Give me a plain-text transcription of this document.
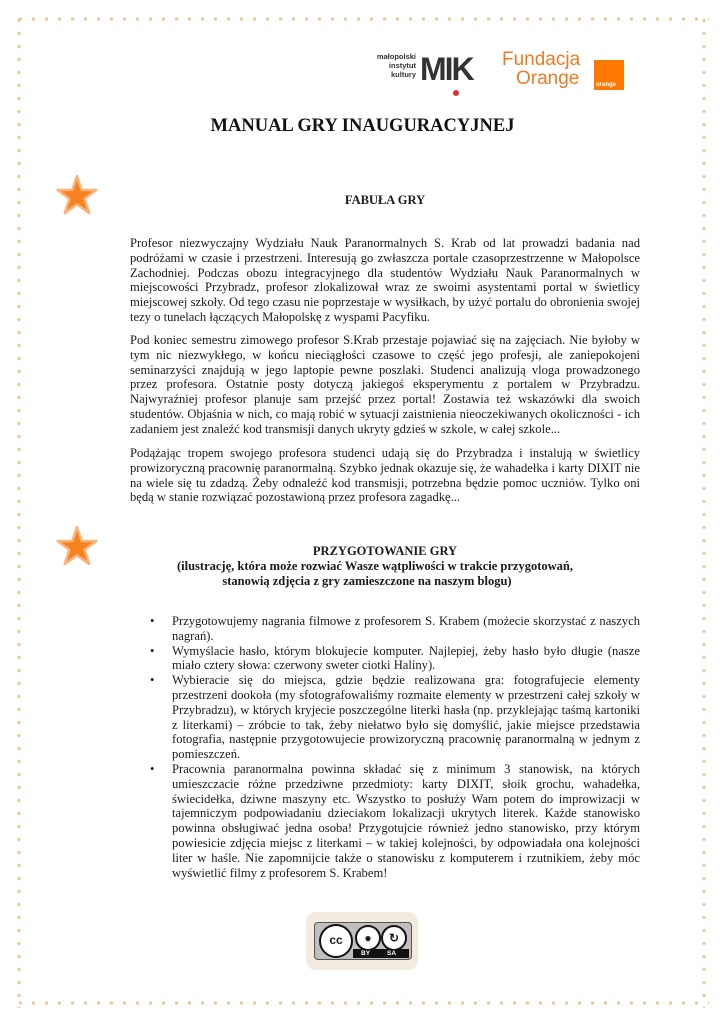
małopolski
instytut
kultury MIK Fundacja
Orange	orange
MANUAL GRY INAUGURACYJNEJ
FABUŁA GRY

Profesor niezwyczajny Wydziału Nauk Paranormalnych S. Krab od lat prowadzi badania nad podróżami w czasie i przestrzeni. Interesują go zwłaszcza portale czasoprzestrzenne w Małopolsce Zachodniej. Podczas obozu integracyjnego dla studentów Wydziału Nauk Paranormalnych w miejscowości Przybradz, profesor zlokalizował wraz ze swoimi asystentami portal w świetlicy miejscowej szkoły. Od tego czasu nie poprzestaje w wysiłkach, by użyć portalu do obronienia swojej tezy o tunelach łączących Małopolskę z wyspami Pacyfiku.

Pod koniec semestru zimowego profesor S.Krab przestaje pojawiać się na zajęciach. Nie byłoby w tym nic niezwykłego, w końcu nieciągłości czasowe to część jego profesji, ale zaniepokojeni seminarzyści znajdują w jego laptopie pewne poszlaki. Studenci analizują vloga prowadzonego przez profesora. Ostatnie posty dotyczą jakiegoś eksperymentu z portalem w Przybradzu. Najwyraźniej profesor planuje sam przejść przez portal! Zostawia też wskazówki dla swoich studentów. Objaśnia w nich, co mają robić w sytuacji zaistnienia nieoczekiwanych okoliczności - ich zadaniem jest znaleźć kod transmisji danych ukryty gdzieś w szkole, w całej szkole...

Podążając tropem swojego profesora studenci udają się do Przybradza i instalują w świetlicy prowizoryczną pracownię paranormalną. Szybko jednak okazuje się, że wahadełka i karty DIXIT nie na wiele się tu zdadzą. Żeby odnaleźć kod transmisji, potrzebna będzie pomoc uczniów. Tylko oni będą w stanie rozwiązać pozostawioną przez profesora zagadkę...

PRZYGOTOWANIE GRY
(ilustrację, która może rozwiać Wasze wątpliwości w trakcie przygotowań,
stanowią zdjęcia z gry zamieszczone na naszym blogu)
• Przygotowujemy nagrania filmowe z profesorem S. Krabem (możecie skorzystać z naszych nagrań).
• Wymyślacie hasło, którym blokujecie komputer. Najlepiej, żeby hasło było długie (nasze miało cztery słowa: czerwony sweter ciotki Haliny).
• Wybieracie się do miejsca, gdzie będzie realizowana gra: fotografujecie elementy przestrzeni dookoła (my sfotografowaliśmy rozmaite elementy w przestrzeni całej szkoły w Przybradzu), w których kryjecie poszczególne literki hasła (np. przyklejając taśmą kartoniki z literkami) – zróbcie to tak, żeby niełatwo było się domyślić, jakie miejsce przedstawia fotografia, następnie przygotowujecie prowizoryczną pracownię paranormalną w jednym z pomieszczeń.
• Pracownia paranormalna powinna składać się z minimum 3 stanowisk, na których umieszczacie różne przedziwne przedmioty: karty DIXIT, słoik grochu, wahadełka, świecidełka, dziwne maszyny etc. Wszystko to posłuży Wam potem do improwizacji w tajemniczym podpowiadaniu dzieciakom lokalizacji ukrytych literek. Każde stanowisko powinna obsługiwać jedna osoba! Przygotujcie również jedno stanowisko, przy którym powiesicie zdjęcia miejsc z literkami – w takiej kolejności, by odpowiadała ona kolejności liter w haśle. Nie zapomnijcie także o stanowisku z komputerem i rzutnikiem, żeby móc wyświetlić filmy z profesorem S. Krabem!
cc	●	↻
BY	SA
